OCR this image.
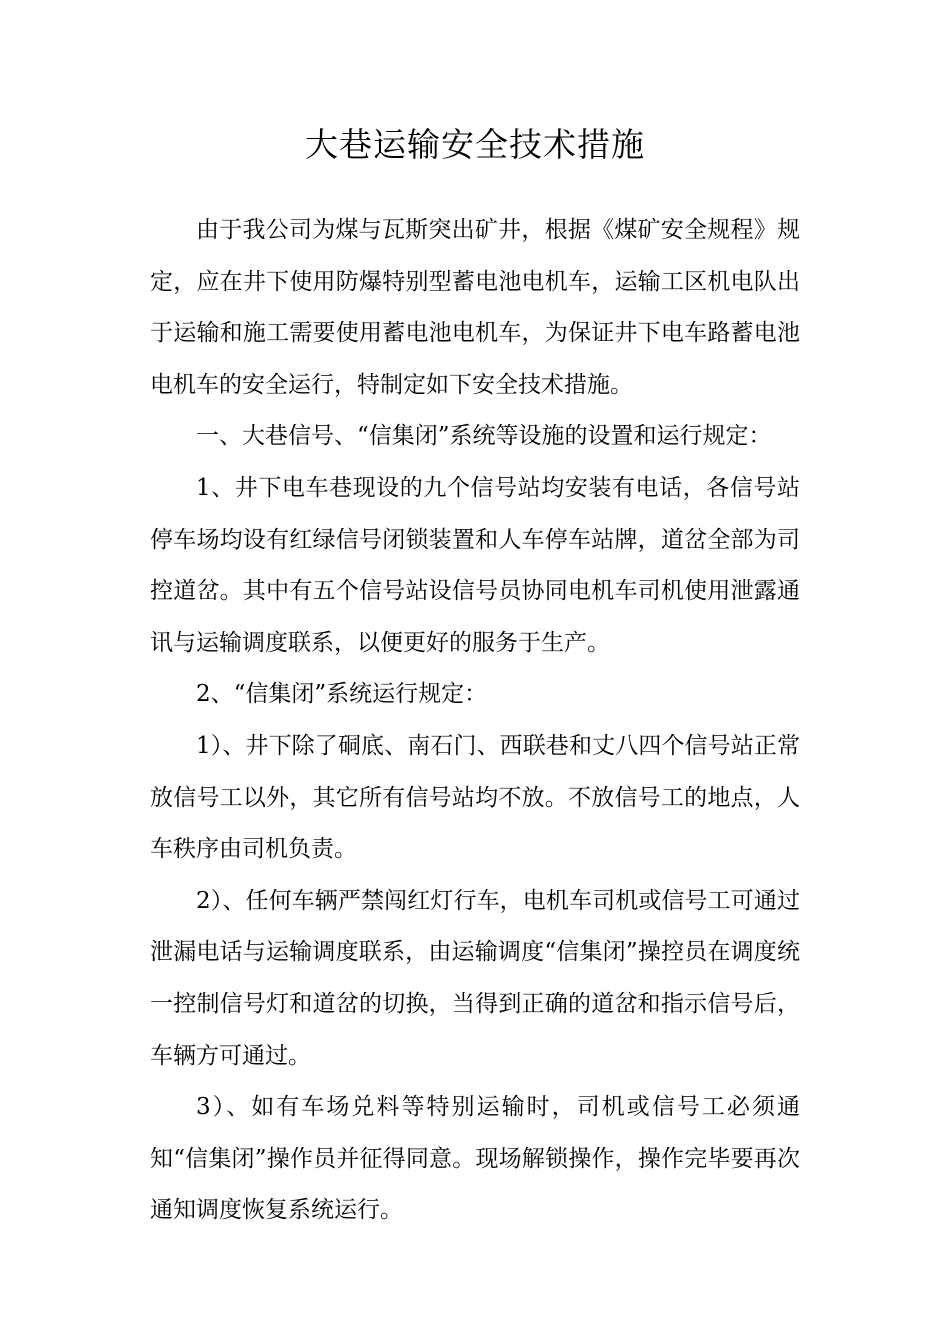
大巷运输安全技术措施

由于我公司为煤与瓦斯突出矿井，根据《煤矿安全规程》规定，应在井下使用防爆特别型蓄电池电机车，运输工区机电队出于运输和施工需要使用蓄电池电机车，为保证井下电车路蓄电池电机车的安全运行，特制定如下安全技术措施。

一、大巷信号、“信集闭”系统等设施的设置和运行规定：

1、井下电车巷现设的九个信号站均安装有电话，各信号站停车场均设有红绿信号闭锁装置和人车停车站牌，道岔全部为司控道岔。其中有五个信号站设信号员协同电机车司机使用泄露通讯与运输调度联系，以便更好的服务于生产。

2、“信集闭”系统运行规定：

1）、井下除了硐底、南石门、西联巷和丈八四个信号站正常放信号工以外，其它所有信号站均不放。不放信号工的地点，人车秩序由司机负责。

2）、任何车辆严禁闯红灯行车，电机车司机或信号工可通过泄漏电话与运输调度联系，由运输调度“信集闭”操控员在调度统一控制信号灯和道岔的切换，当得到正确的道岔和指示信号后，车辆方可通过。

3）、如有车场兑料等特别运输时，司机或信号工必须通知“信集闭”操作员并征得同意。现场解锁操作，操作完毕要再次通知调度恢复系统运行。
